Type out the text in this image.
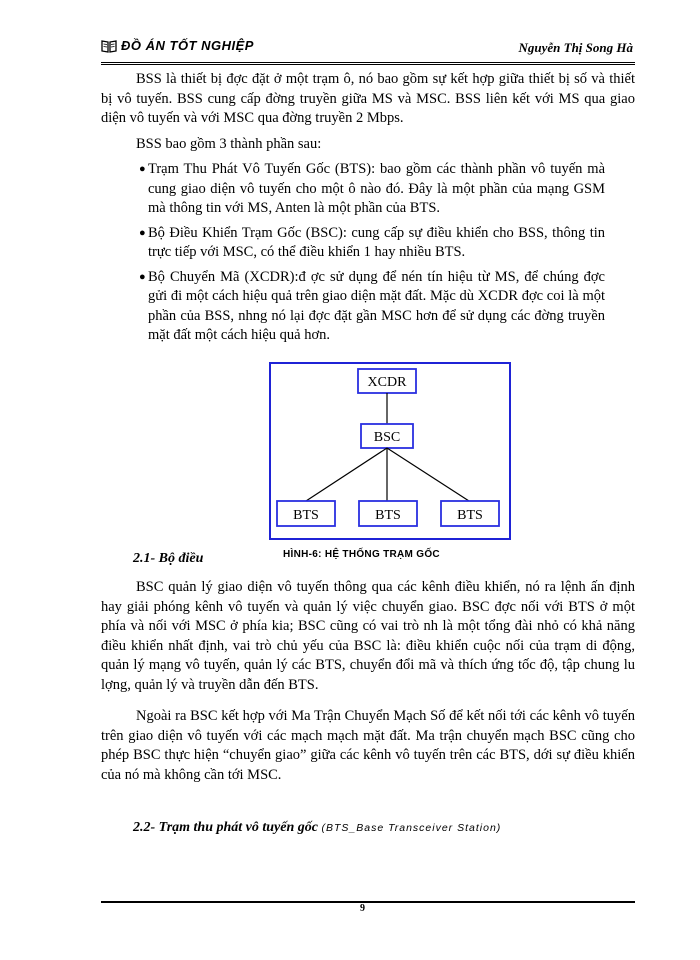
ĐỒ ÁN TỐT NGHIỆP	Nguyễn Thị Song Hà

BSS là thiết bị đợc đặt ở một trạm ô, nó bao gồm sự kết hợp giữa thiết bị số và thiết bị vô tuyến. BSS cung cấp đờng truyền giữa MS và MSC. BSS liên kết với MS qua giao diện vô tuyến và với MSC qua đờng truyền 2 Mbps.

BSS bao gồm 3 thành phần sau:

● Trạm Thu Phát Vô Tuyến Gốc (BTS): bao gồm các thành phần vô tuyến mà cung giao diện vô tuyến cho một ô nào đó. Đây là một phần của mạng GSM mà thông tin với MS, Anten là một phần của BTS.
● Bộ Điều Khiển Trạm Gốc (BSC): cung cấp sự điều khiển cho BSS, thông tin trực tiếp với MSC, có thể điều khiển 1 hay nhiều BTS.
● Bộ Chuyển Mã (XCDR):đ ợc sử dụng để nén tín hiệu từ MS, để chúng đợc gửi đi một cách hiệu quả trên giao diện mặt đất. Mặc dù XCDR đợc coi là một phần của BSS, nhng nó lại đợc đặt gần MSC hơn để sử dụng các đờng truyền mặt đất một cách hiệu quả hơn.
XCDR
BSC
BTS	BTS	BTS
2.1- Bộ điều	HÌNH-6: HỆ THỐNG TRẠM GỐC

BSC quản lý giao diện vô tuyến thông qua các kênh điều khiển, nó ra lệnh ấn định hay giải phóng kênh vô tuyến và quản lý việc chuyển giao. BSC đợc nối với BTS ở một phía và nối với MSC ở phía kia; BSC cũng có vai trò nh là một tổng đài nhỏ có khả năng điều khiển nhất định, vai trò chủ yếu của BSC là: điều khiển cuộc nối của trạm di động, quản lý mạng vô tuyến, quản lý các BTS, chuyển đổi mã và thích ứng tốc độ, tập chung lu lợng, quản lý và truyền dẫn đến BTS.

Ngoài ra BSC kết hợp với Ma Trận Chuyển Mạch Số để kết nối tới các kênh vô tuyến trên giao diện vô tuyến với các mạch mạch mặt đất. Ma trận chuyển mạch BSC cũng cho phép BSC thực hiện “chuyển giao” giữa các kênh vô tuyến trên các BTS, dới sự điều khiển của nó mà không cần tới MSC.

2.2- Trạm thu phát vô tuyến gốc (BTS_Base Transceiver Station)
9
